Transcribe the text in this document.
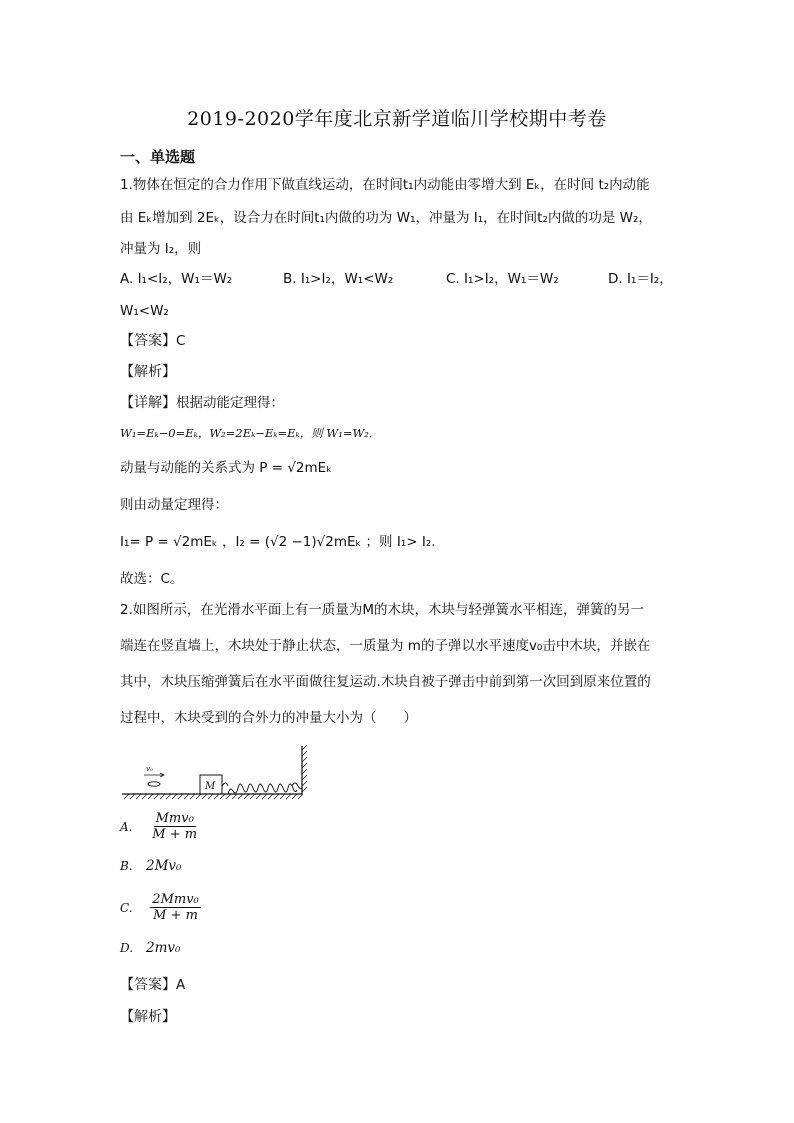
2019-2020学年度北京新学道临川学校期中考卷
一、单选题
1.物体在恒定的合力作用下做直线运动，在时间t₁内动能由零增大到 Eₖ，在时间 t₂内动能
由 Eₖ增加到 2Eₖ，设合力在时间t₁内做的功为 W₁，冲量为 I₁，在时间t₂内做的功是 W₂，
冲量为 I₂，则
A. I₁<I₂，W₁＝W₂	B. I₁>I₂，W₁<W₂	C. I₁>I₂，W₁＝W₂	D. I₁＝I₂，
W₁<W₂
【答案】C
【解析】
【详解】根据动能定理得：
W₁=Eₖ−0=Eₖ，W₂=2Eₖ−Eₖ=Eₖ，则 W₁=W₂.
动量与动能的关系式为 P = √2mEₖ
则由动量定理得：
I₁= P = √2mEₖ ，I₂ = (√2 −1)√2mEₖ ；则 I₁> I₂.
故选：C。
2.如图所示，在光滑水平面上有一质量为M的木块，木块与轻弹簧水平相连，弹簧的另一
端连在竖直墙上，木块处于静止状态，一质量为 m的子弹以水平速度v₀击中木块，并嵌在
其中，木块压缩弹簧后在水平面做往复运动.木块自被子弹击中前到第一次回到原来位置的
过程中，木块受到的合外力的冲量大小为（　　）
v₀
M
A. $\frac{\text{Mmv₀}}{M + m}$
B. 2Mv₀
C. $\frac{\text{2Mmv₀}}{M + m}$
D. 2mv₀
【答案】A
【解析】
